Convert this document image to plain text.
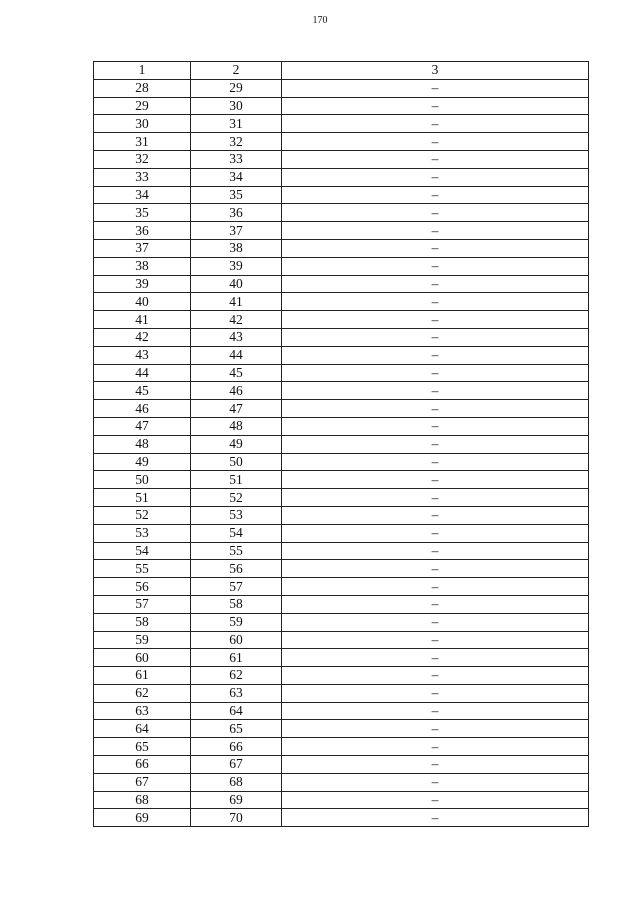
170
1	2	3
28	29	–
29	30	–
30	31	–
31	32	–
32	33	–
33	34	–
34	35	–
35	36	–
36	37	–
37	38	–
38	39	–
39	40	–
40	41	–
41	42	–
42	43	–
43	44	–
44	45	–
45	46	–
46	47	–
47	48	–
48	49	–
49	50	–
50	51	–
51	52	–
52	53	–
53	54	–
54	55	–
55	56	–
56	57	–
57	58	–
58	59	–
59	60	–
60	61	–
61	62	–
62	63	–
63	64	–
64	65	–
65	66	–
66	67	–
67	68	–
68	69	–
69	70	–
